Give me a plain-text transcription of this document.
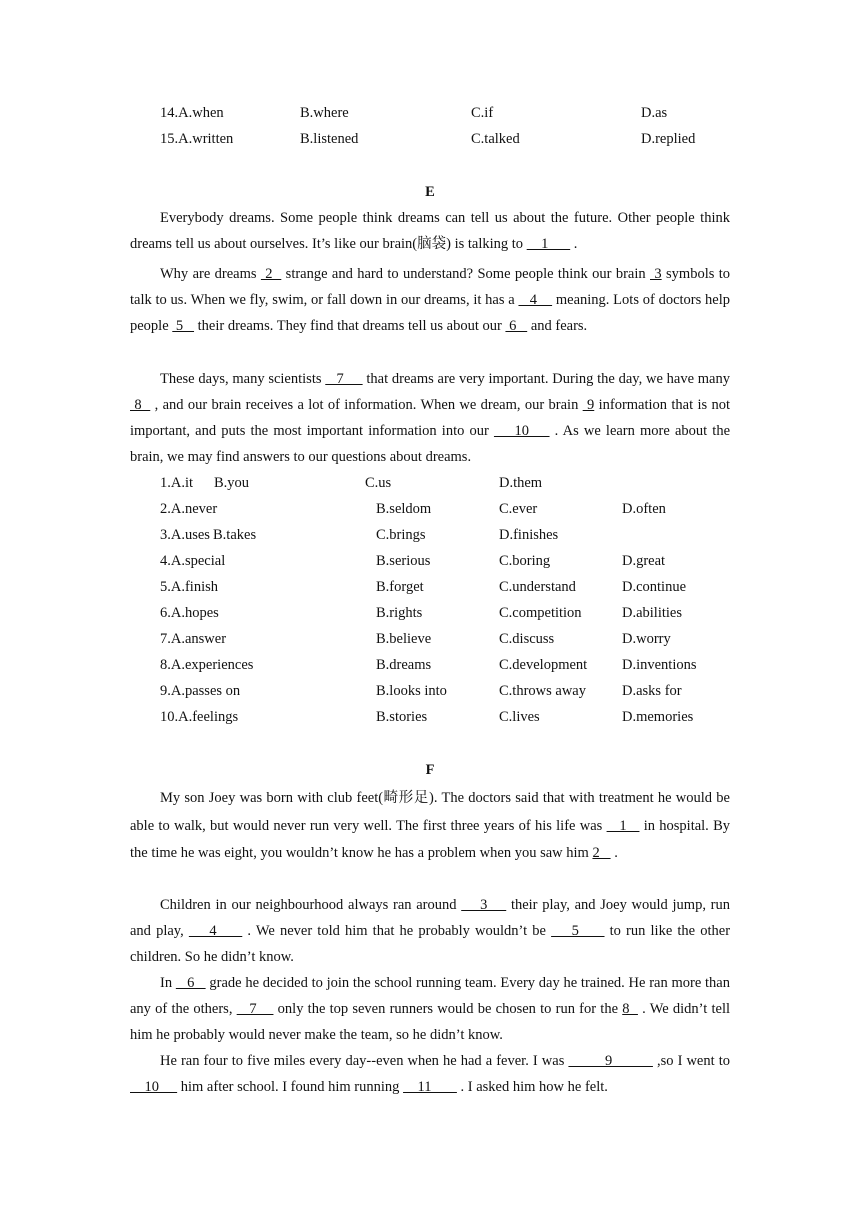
14.A.when	B.where	C.if	D.as
15.A.written	B.listened	C.talked	D.replied
E
Everybody dreams. Some people think dreams can tell us about the future. Other people think dreams tell us about ourselves. It’s like our brain(脑袋) is talking to     1       .
Why are dreams  2   strange and hard to understand? Some people think our brain  3 symbols to talk to us. When we fly, swim, or fall down in our dreams, it has a    4     meaning. Lots of doctors help people  5    their dreams. They find that dreams tell us about our  6    and fears.
These days, many scientists    7      that dreams are very important. During the day, we have many  8   , and our brain receives a lot of information. When we dream, our brain  9 information that is not important, and puts the most important information into our     10     . As we learn more about the brain, we may find answers to our questions about dreams.
1.A.it B.you	C.us	D.them
2.A.never	B.seldom	C.ever	D.often
3.A.uses B.takes	C.brings	D.finishes
4.A.special	B.serious	C.boring	D.great
5.A.finish	B.forget	C.understand	D.continue
6.A.hopes	B.rights	C.competition	D.abilities
7.A.answer	B.believe	C.discuss	D.worry
8.A.experiences	B.dreams	C.development D.inventions
9.A.passes on	B.looks into	C.throws away D.asks for
10.A.feelings	B.stories	C.lives	D.memories
F
My son Joey was born with club feet(畸形足). The doctors said that with treatment he would be able to walk, but would never run very well. The first three years of his life was    1    in hospital. By the time he was eight, you wouldn’t know he has a problem when you saw him 2    .
Children in our neighbourhood always ran around     3     their play, and Joey would jump, run and play,     4      . We never told him that he probably wouldn’t be     5      to run like the other children. So he didn’t know.
In    6    grade he decided to join the school running team. Every day he trained. He ran more than any of the others,    7     only the top seven runners would be chosen to run for the 8   . We didn’t tell him he probably would never make the team, so he didn’t know.
He ran four to five miles every day--even when he had a fever. I was          9           ,so I went to     10      him after school. I found him running     11        . I asked him how he felt.
